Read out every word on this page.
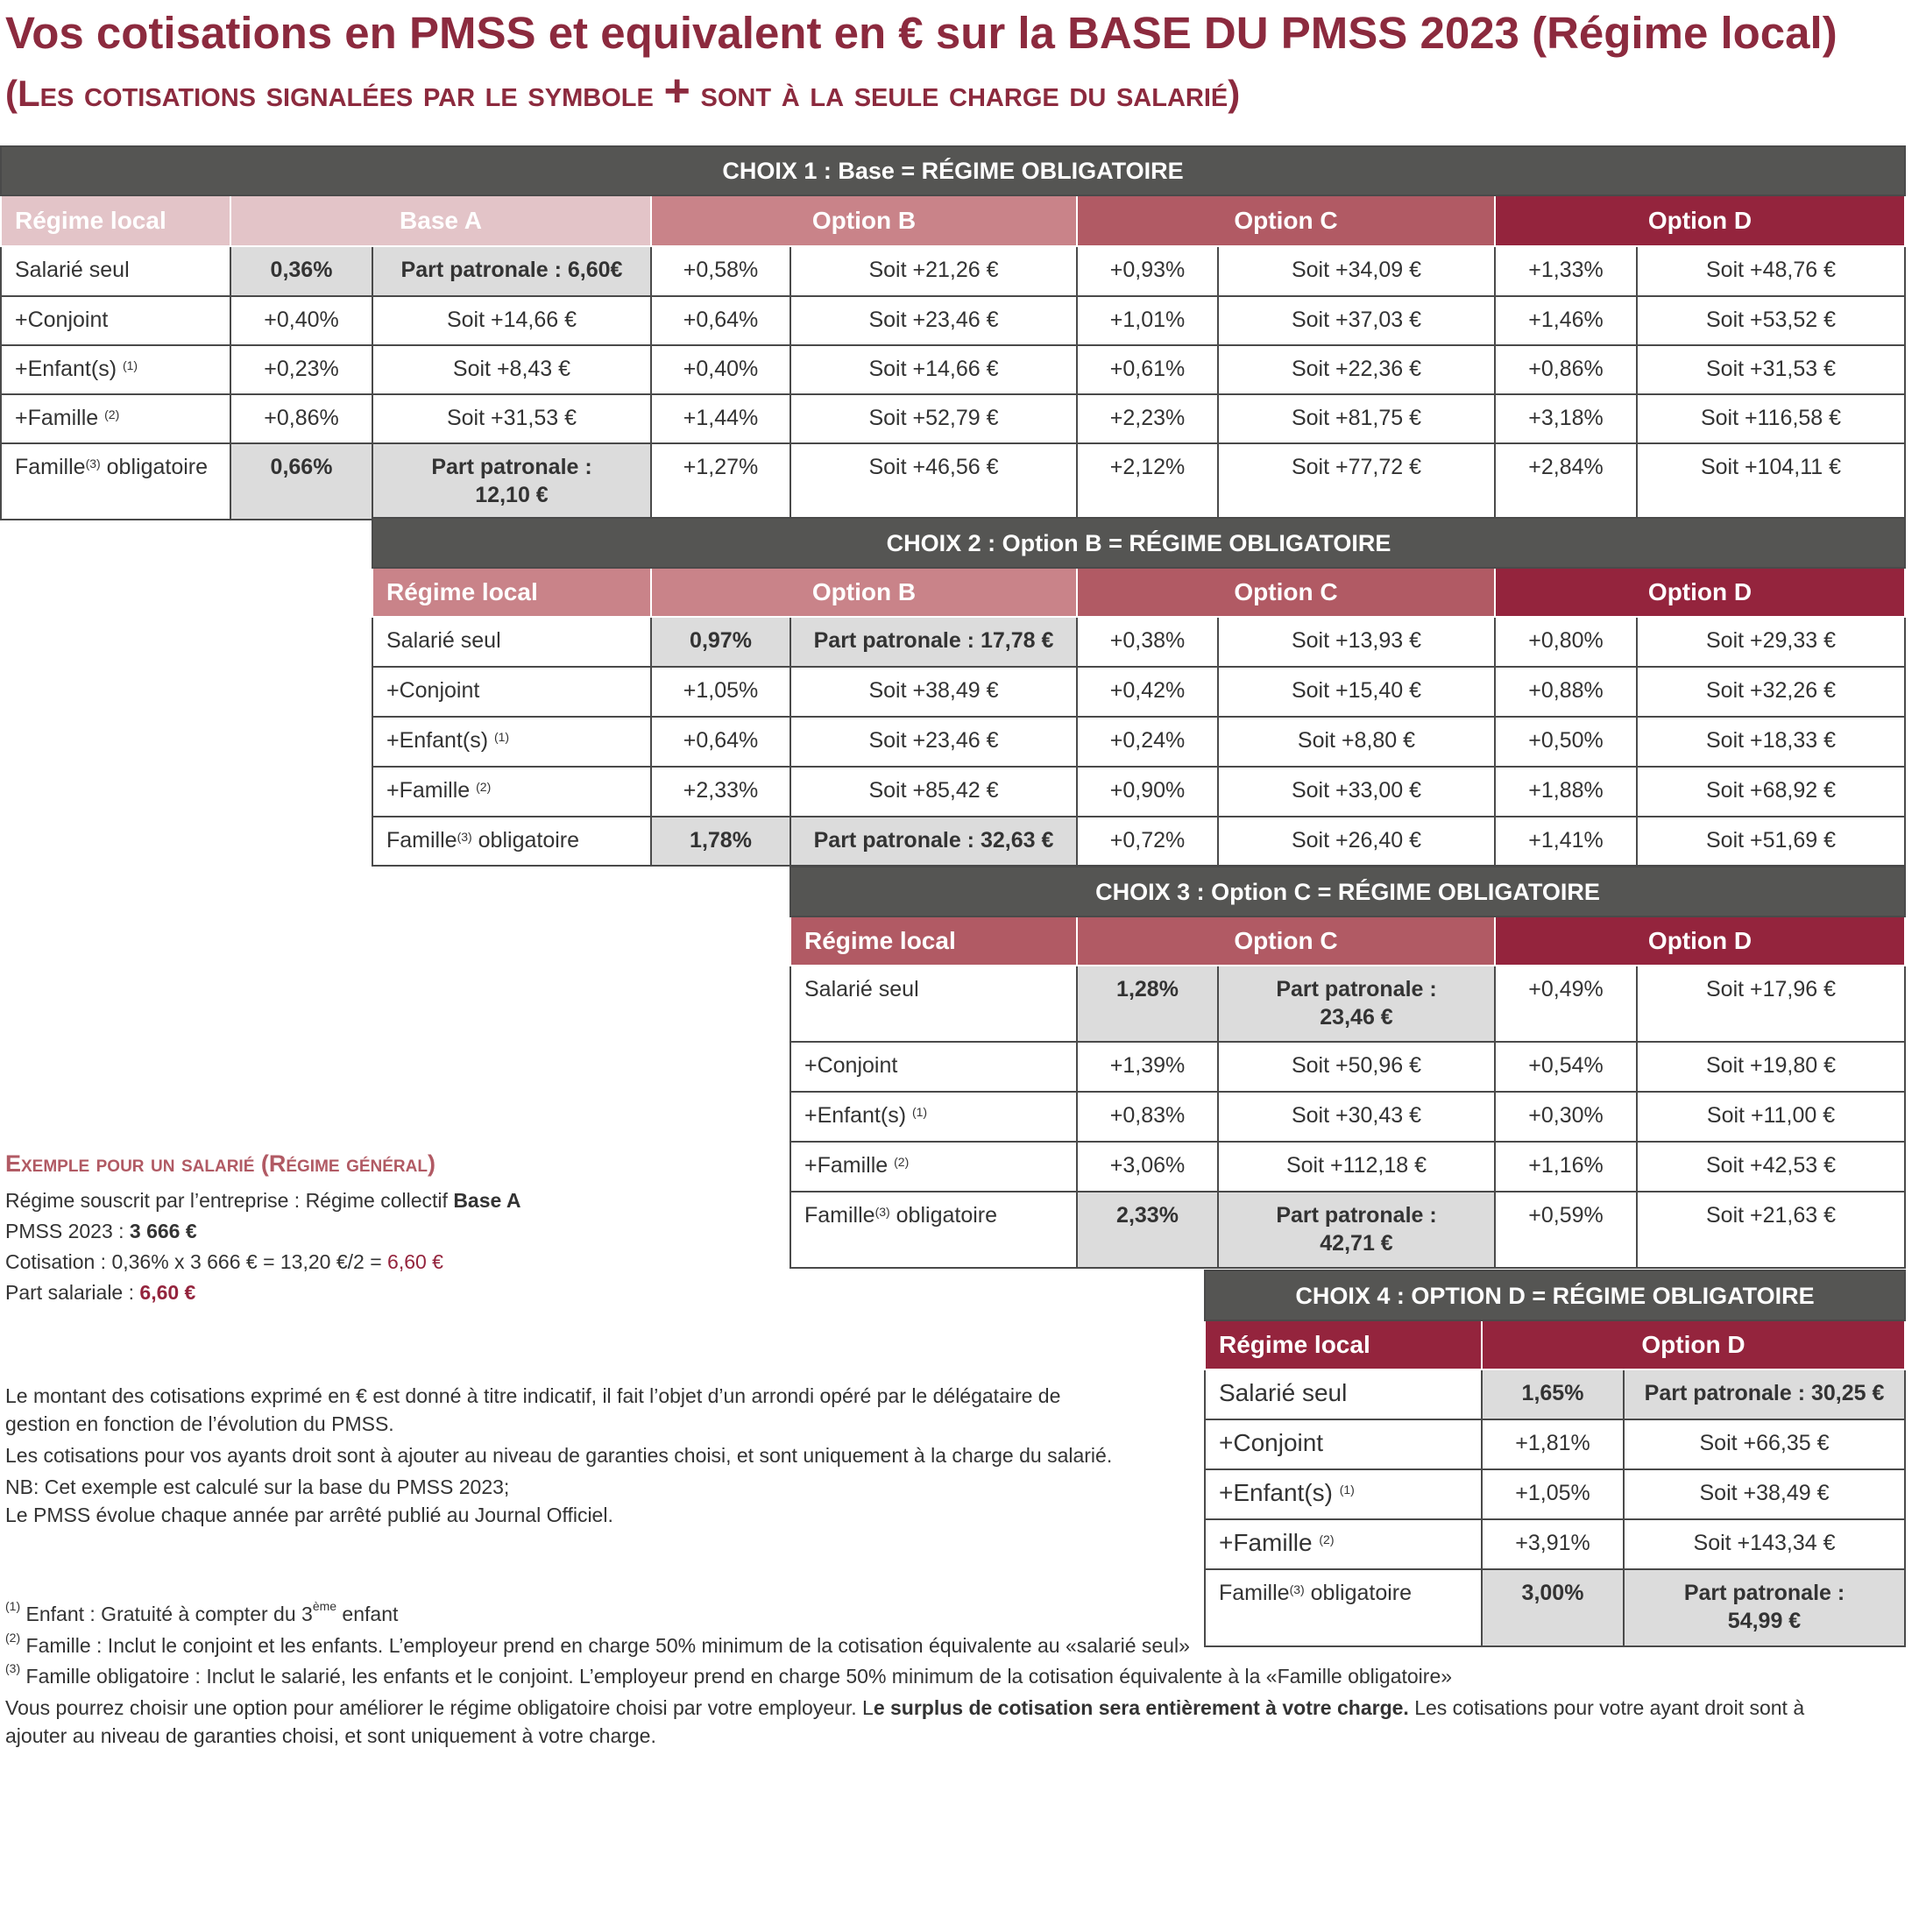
Vos cotisations en PMSS et equivalent en € sur la BASE DU PMSS 2023 (Régime local)
(Les cotisations signalées par le symbole + sont à la seule charge du salarié)
CHOIX 1 : Base = RÉGIME OBLIGATOIRE								
Régime local	Base A		Option B		Option C		Option D	
Salarié seul	0,36%	Part patronale : 6,60€	+0,58%	Soit +21,26 €	+0,93%	Soit +34,09 €	+1,33%	Soit +48,76 €
+Conjoint	+0,40%	Soit +14,66 €	+0,64%	Soit +23,46 €	+1,01%	Soit +37,03 €	+1,46%	Soit +53,52 €
+Enfant(s) $^{(1)}$	+0,23%	Soit +8,43 €	+0,40%	Soit +14,66 €	+0,61%	Soit +22,36 €	+0,86%	Soit +31,53 €
+Famille $^{(2)}$	+0,86%	Soit +31,53 €	+1,44%	Soit +52,79 €	+2,23%	Soit +81,75 €	+3,18%	Soit +116,58 €
Famille$^{(3)}$ obligatoire	0,66%	Part patronale : 12,10 €	+1,27%	Soit +46,56 €	+2,12%	Soit +77,72 €	+2,84%	Soit +104,11 €
CHOIX 2 : Option B = RÉGIME OBLIGATOIRE						
Régime local	Option B		Option C		Option D	
Salarié seul	0,97%	Part patronale : 17,78 €	+0,38%	Soit +13,93 €	+0,80%	Soit +29,33 €
+Conjoint	+1,05%	Soit +38,49 €	+0,42%	Soit +15,40 €	+0,88%	Soit +32,26 €
+Enfant(s) $^{(1)}$	+0,64%	Soit +23,46 €	+0,24%	Soit +8,80 €	+0,50%	Soit +18,33 €
+Famille $^{(2)}$	+2,33%	Soit +85,42 €	+0,90%	Soit +33,00 €	+1,88%	Soit +68,92 €
Famille$^{(3)}$ obligatoire	1,78%	Part patronale : 32,63 €	+0,72%	Soit +26,40 €	+1,41%	Soit +51,69 €
CHOIX 3 : Option C = RÉGIME OBLIGATOIRE				
Régime local	Option C		Option D	
Salarié seul	1,28%	Part patronale : 23,46 €	+0,49%	Soit +17,96 €
+Conjoint	+1,39%	Soit +50,96 €	+0,54%	Soit +19,80 €
+Enfant(s) $^{(1)}$	+0,83%	Soit +30,43 €	+0,30%	Soit +11,00 €
+Famille $^{(2)}$	+3,06%	Soit +112,18 €	+1,16%	Soit +42,53 €
Famille$^{(3)}$ obligatoire	2,33%	Part patronale : 42,71 €	+0,59%	Soit +21,63 €
CHOIX 4 : OPTION D = RÉGIME OBLIGATOIRE		
Régime local	Option D	
Salarié seul	1,65%	Part patronale : 30,25 €
+Conjoint	+1,81%	Soit +66,35 €
+Enfant(s) $^{(1)}$	+1,05%	Soit +38,49 €
+Famille $^{(2)}$	+3,91%	Soit +143,34 €
Famille$^{(3)}$ obligatoire	3,00%	Part patronale : 54,99 €
Exemple pour un salarié (Régime général)
Régime souscrit par l’entreprise : Régime collectif Base A
PMSS 2023 : 3 666 €
Cotisation : 0,36% x 3 666 € = 13,20 €/2 = 6,60 €
Part salariale : 6,60 €
Le montant des cotisations exprimé en € est donné à titre indicatif, il fait l’objet d’un arrondi opéré par le délégataire de
gestion en fonction de l’évolution du PMSS.
Les cotisations pour vos ayants droit sont à ajouter au niveau de garanties choisi, et sont uniquement à la charge du salarié.
NB: Cet exemple est calculé sur la base du PMSS 2023;
Le PMSS évolue chaque année par arrêté publié au Journal Officiel.
$^{(1)}$ Enfant : Gratuité à compter du 3ème enfant
$^{(2)}$ Famille : Inclut le conjoint et les enfants. L’employeur prend en charge 50% minimum de la cotisation équivalente au «salarié seul»
$^{(3)}$ Famille obligatoire : Inclut le salarié, les enfants et le conjoint. L’employeur prend en charge 50% minimum de la cotisation équivalente à la «Famille obligatoire»
Vous pourrez choisir une option pour améliorer le régime obligatoire choisi par votre employeur. Le surplus de cotisation sera entièrement à votre charge. Les cotisations pour votre ayant droit sont à
ajouter au niveau de garanties choisi, et sont uniquement à votre charge.
